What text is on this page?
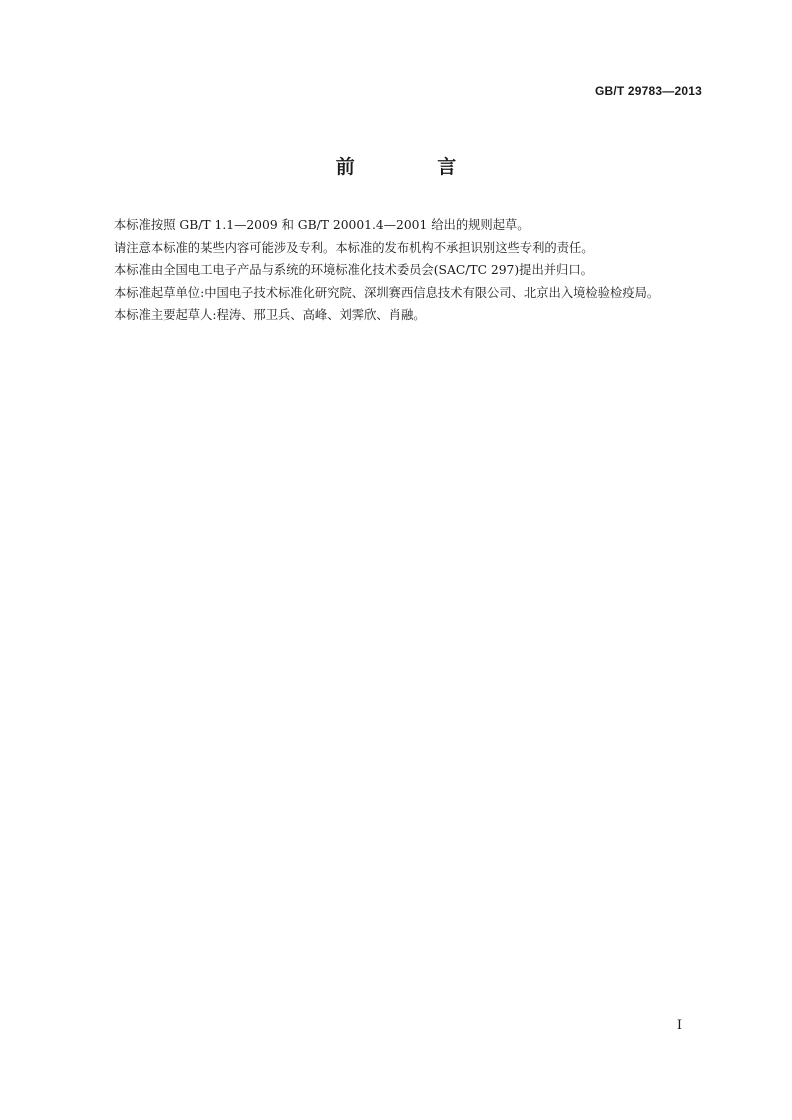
GB/T 29783—2013
前 言

本标准按照 GB/T 1.1—2009 和 GB/T 20001.4—2001 给出的规则起草。

请注意本标准的某些内容可能涉及专利。本标准的发布机构不承担识别这些专利的责任。

本标准由全国电工电子产品与系统的环境标准化技术委员会(SAC/TC 297)提出并归口。

本标准起草单位:中国电子技术标准化研究院、深圳赛西信息技术有限公司、北京出入境检验检疫局。

本标准主要起草人:程涛、邢卫兵、高峰、刘霁欣、肖融。

I
